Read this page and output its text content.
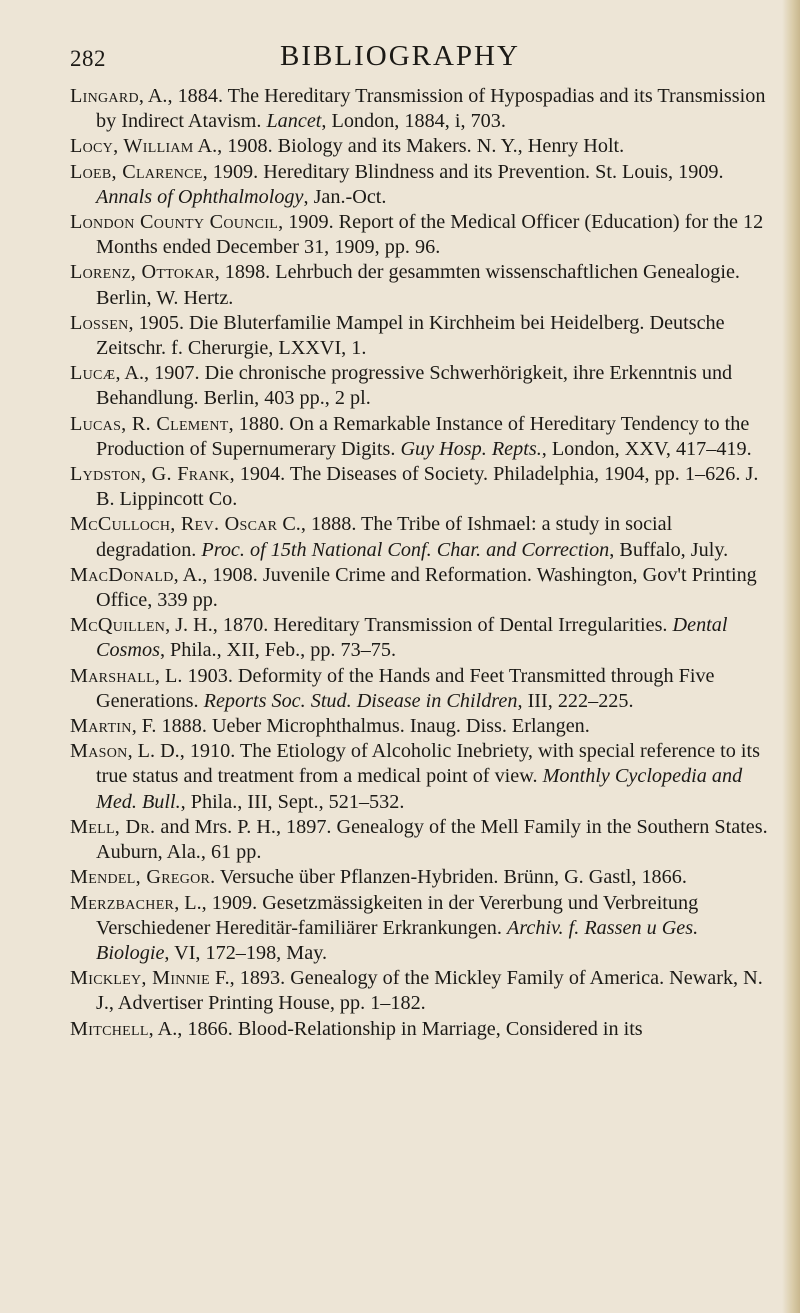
282	BIBLIOGRAPHY

Lingard, A., 1884. The Hereditary Transmission of Hypospadias and its Transmission by Indirect Atavism. Lancet, London, 1884, i, 703.

Locy, William A., 1908. Biology and its Makers. N. Y., Henry Holt.

Loeb, Clarence, 1909. Hereditary Blindness and its Prevention. St. Louis, 1909. Annals of Ophthalmology, Jan.-Oct.

London County Council, 1909. Report of the Medical Officer (Education) for the 12 Months ended December 31, 1909, pp. 96.

Lorenz, Ottokar, 1898. Lehrbuch der gesammten wissenschaftlichen Genealogie. Berlin, W. Hertz.

Lossen, 1905. Die Bluterfamilie Mampel in Kirchheim bei Heidelberg. Deutsche Zeitschr. f. Cherurgie, LXXVI, 1.

Lucæ, A., 1907. Die chronische progressive Schwerhörigkeit, ihre Erkenntnis und Behandlung. Berlin, 403 pp., 2 pl.

Lucas, R. Clement, 1880. On a Remarkable Instance of Hereditary Tendency to the Production of Supernumerary Digits. Guy Hosp. Repts., London, XXV, 417–419.

Lydston, G. Frank, 1904. The Diseases of Society. Philadelphia, 1904, pp. 1–626. J. B. Lippincott Co.

McCulloch, Rev. Oscar C., 1888. The Tribe of Ishmael: a study in social degradation. Proc. of 15th National Conf. Char. and Correction, Buffalo, July.

MacDonald, A., 1908. Juvenile Crime and Reformation. Washington, Gov't Printing Office, 339 pp.

McQuillen, J. H., 1870. Hereditary Transmission of Dental Irregularities. Dental Cosmos, Phila., XII, Feb., pp. 73–75.

Marshall, L. 1903. Deformity of the Hands and Feet Transmitted through Five Generations. Reports Soc. Stud. Disease in Children, III, 222–225.

Martin, F. 1888. Ueber Microphthalmus. Inaug. Diss. Erlangen.

Mason, L. D., 1910. The Etiology of Alcoholic Inebriety, with special reference to its true status and treatment from a medical point of view. Monthly Cyclopedia and Med. Bull., Phila., III, Sept., 521–532.

Mell, Dr. and Mrs. P. H., 1897. Genealogy of the Mell Family in the Southern States. Auburn, Ala., 61 pp.

Mendel, Gregor. Versuche über Pflanzen-Hybriden. Brünn, G. Gastl, 1866.

Merzbacher, L., 1909. Gesetzmässigkeiten in der Vererbung und Verbreitung Verschiedener Hereditär-familiärer Erkrankungen. Archiv. f. Rassen u Ges. Biologie, VI, 172–198, May.

Mickley, Minnie F., 1893. Genealogy of the Mickley Family of America. Newark, N. J., Advertiser Printing House, pp. 1–182.

Mitchell, A., 1866. Blood-Relationship in Marriage, Considered in its
